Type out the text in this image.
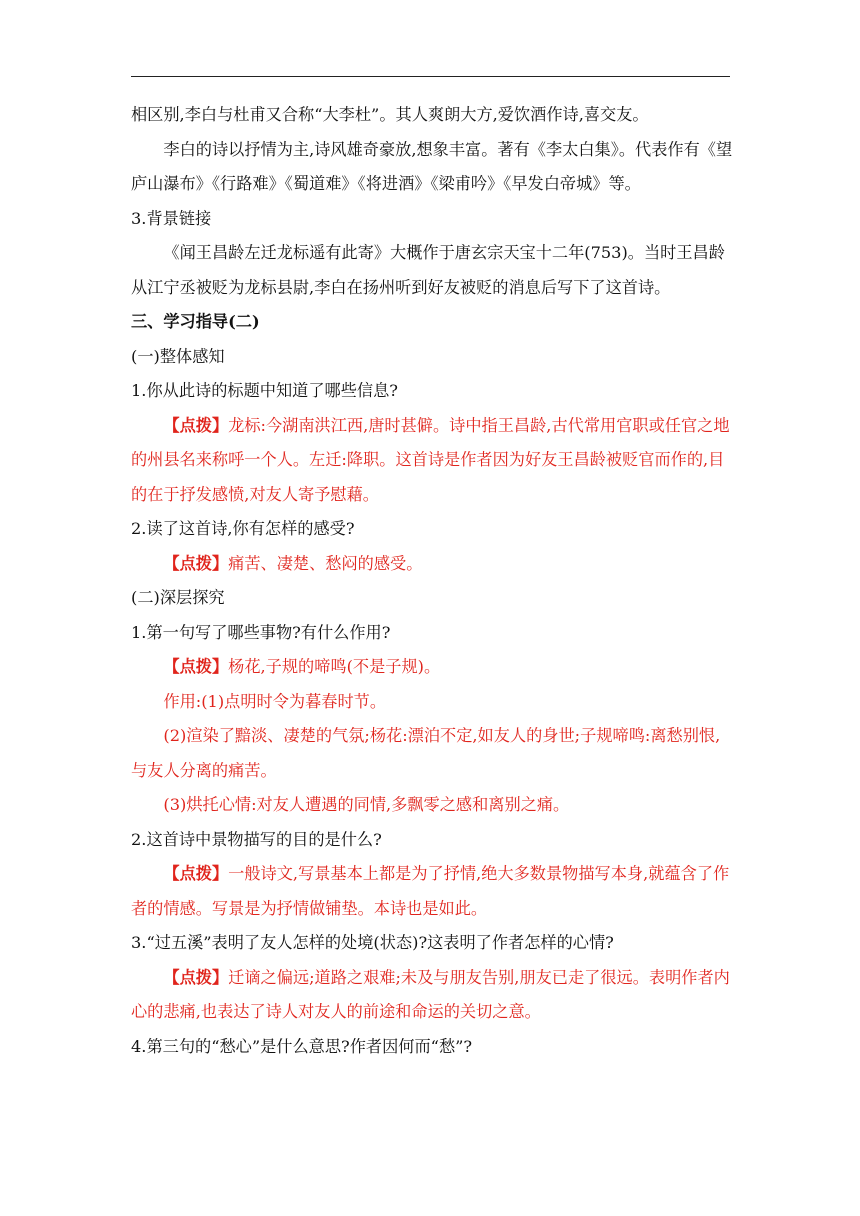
相区别,李白与杜甫又合称“大李杜”。其人爽朗大方,爱饮酒作诗,喜交友。

李白的诗以抒情为主,诗风雄奇豪放,想象丰富。著有《李太白集》。代表作有《望庐山瀑布》《行路难》《蜀道难》《将进酒》《梁甫吟》《早发白帝城》等。

3.背景链接

《闻王昌龄左迁龙标遥有此寄》大概作于唐玄宗天宝十二年(753)。当时王昌龄从江宁丞被贬为龙标县尉,李白在扬州听到好友被贬的消息后写下了这首诗。

三、学习指导(二)

(一)整体感知

1.你从此诗的标题中知道了哪些信息?

【点拨】龙标:今湖南洪江西,唐时甚僻。诗中指王昌龄,古代常用官职或任官之地的州县名来称呼一个人。左迁:降职。这首诗是作者因为好友王昌龄被贬官而作的,目的在于抒发感愤,对友人寄予慰藉。

2.读了这首诗,你有怎样的感受?

【点拨】痛苦、凄楚、愁闷的感受。

(二)深层探究

1.第一句写了哪些事物?有什么作用?

【点拨】杨花,子规的啼鸣(不是子规)。

作用:(1)点明时令为暮春时节。

(2)渲染了黯淡、凄楚的气氛;杨花:漂泊不定,如友人的身世;子规啼鸣:离愁别恨,与友人分离的痛苦。

(3)烘托心情:对友人遭遇的同情,多飘零之感和离别之痛。

2.这首诗中景物描写的目的是什么?

【点拨】一般诗文,写景基本上都是为了抒情,绝大多数景物描写本身,就蕴含了作者的情感。写景是为抒情做铺垫。本诗也是如此。

3.“过五溪”表明了友人怎样的处境(状态)?这表明了作者怎样的心情?

【点拨】迁谪之偏远;道路之艰难;未及与朋友告别,朋友已走了很远。表明作者内心的悲痛,也表达了诗人对友人的前途和命运的关切之意。

4.第三句的“愁心”是什么意思?作者因何而“愁”?
